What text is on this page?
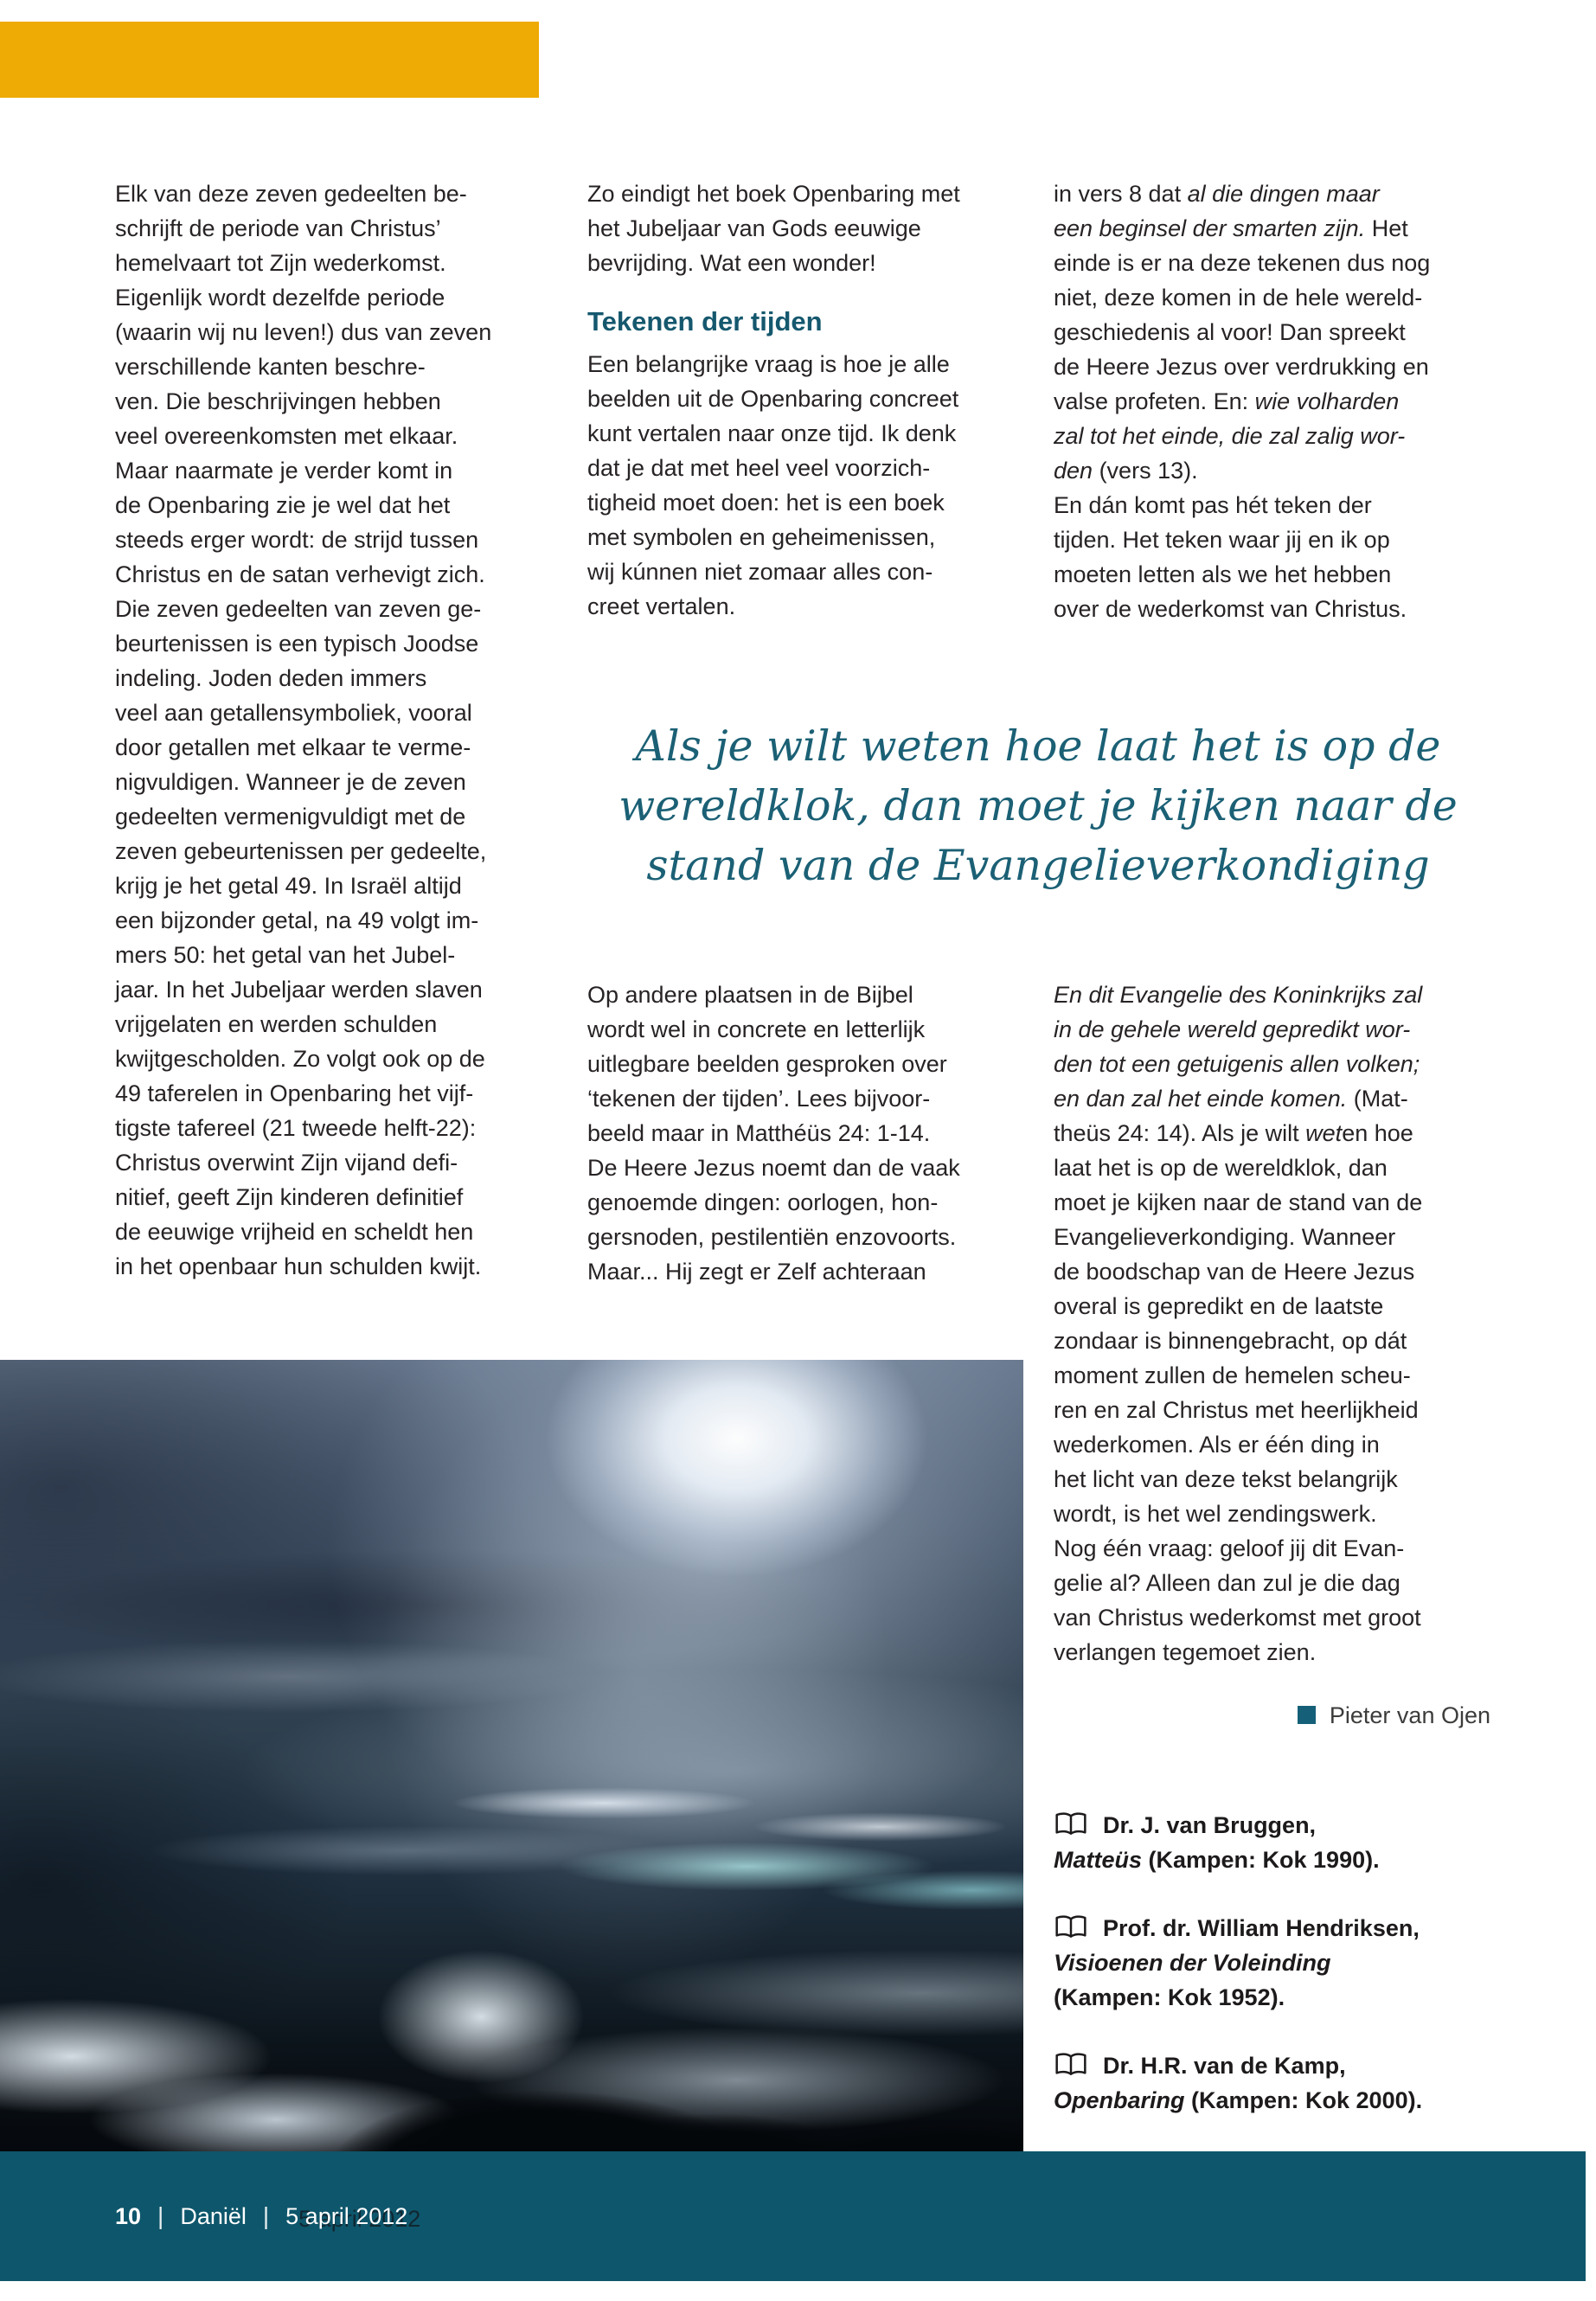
Elk van deze zeven gedeelten be-
schrijft de periode van Christus’
hemelvaart tot Zijn wederkomst.
Eigenlijk wordt dezelfde periode
(waarin wij nu leven!) dus van zeven
verschillende kanten beschre-
ven. Die beschrijvingen hebben
veel overeenkomsten met elkaar.
Maar naarmate je verder komt in
de Openbaring zie je wel dat het
steeds erger wordt: de strijd tussen
Christus en de satan verhevigt zich.
Die zeven gedeelten van zeven ge-
beurtenissen is een typisch Joodse
indeling. Joden deden immers
veel aan getallensymboliek, vooral
door getallen met elkaar te verme-
nigvuldigen. Wanneer je de zeven
gedeelten vermenigvuldigt met de
zeven gebeurtenissen per gedeelte,
krijg je het getal 49. In Israël altijd
een bijzonder getal, na 49 volgt im-
mers 50: het getal van het Jubel-
jaar. In het Jubeljaar werden slaven
vrijgelaten en werden schulden
kwijtgescholden. Zo volgt ook op de
49 taferelen in Openbaring het vijf-
tigste tafereel (21 tweede helft-22):
Christus overwint Zijn vijand defi-
nitief, geeft Zijn kinderen definitief
de eeuwige vrijheid en scheldt hen
in het openbaar hun schulden kwijt.

Zo eindigt het boek Openbaring met
het Jubeljaar van Gods eeuwige
bevrijding. Wat een wonder!

Tekenen der tijden

Een belangrijke vraag is hoe je alle
beelden uit de Openbaring concreet
kunt vertalen naar onze tijd. Ik denk
dat je dat met heel veel voorzich-
tigheid moet doen: het is een boek
met symbolen en geheimenissen,
wij kúnnen niet zomaar alles con-
creet vertalen.

in vers 8 dat al die dingen maar
een beginsel der smarten zijn. Het
einde is er na deze tekenen dus nog
niet, deze komen in de hele wereld-
geschiedenis al voor! Dan spreekt
de Heere Jezus over verdrukking en
valse profeten. En: wie volharden
zal tot het einde, die zal zalig wor-
den (vers 13).
En dán komt pas hét teken der
tijden. Het teken waar jij en ik op
moeten letten als we het hebben
over de wederkomst van Christus.
Als je wilt weten hoe laat het is op de
wereldklok, dan moet je kijken naar de
stand van de Evangelieverkondiging
Op andere plaatsen in de Bijbel
wordt wel in concrete en letterlijk
uitlegbare beelden gesproken over
‘tekenen der tijden’. Lees bijvoor-
beeld maar in Matthéüs 24: 1-14.
De Heere Jezus noemt dan de vaak
genoemde dingen: oorlogen, hon-
gersnoden, pestilentiën enzovoorts.
Maar... Hij zegt er Zelf achteraan
En dit Evangelie des Koninkrijks zal
in de gehele wereld gepredikt wor-
den tot een getuigenis allen volken;
en dan zal het einde komen. (Mat-
theüs 24: 14). Als je wilt weten hoe
laat het is op de wereldklok, dan
moet je kijken naar de stand van de
Evangelieverkondiging. Wanneer
de boodschap van de Heere Jezus
overal is gepredikt en de laatste
zondaar is binnengebracht, op dát
moment zullen de hemelen scheu-
ren en zal Christus met heerlijkheid
wederkomen. Als er één ding in
het licht van deze tekst belangrijk
wordt, is het wel zendingswerk.
Nog één vraag: geloof jij dit Evan-
gelie al? Alleen dan zul je die dag
van Christus wederkomst met groot
verlangen tegemoet zien.
Pieter van Ojen
Dr. J. van Bruggen,
Matteüs (Kampen: Kok 1990).
Prof. dr. William Hendriksen,
Visioenen der Voleinding
(Kampen: Kok 1952).
Dr. H.R. van de Kamp,
Openbaring (Kampen: Kok 2000).
10 | Daniël | 5 april 2012
